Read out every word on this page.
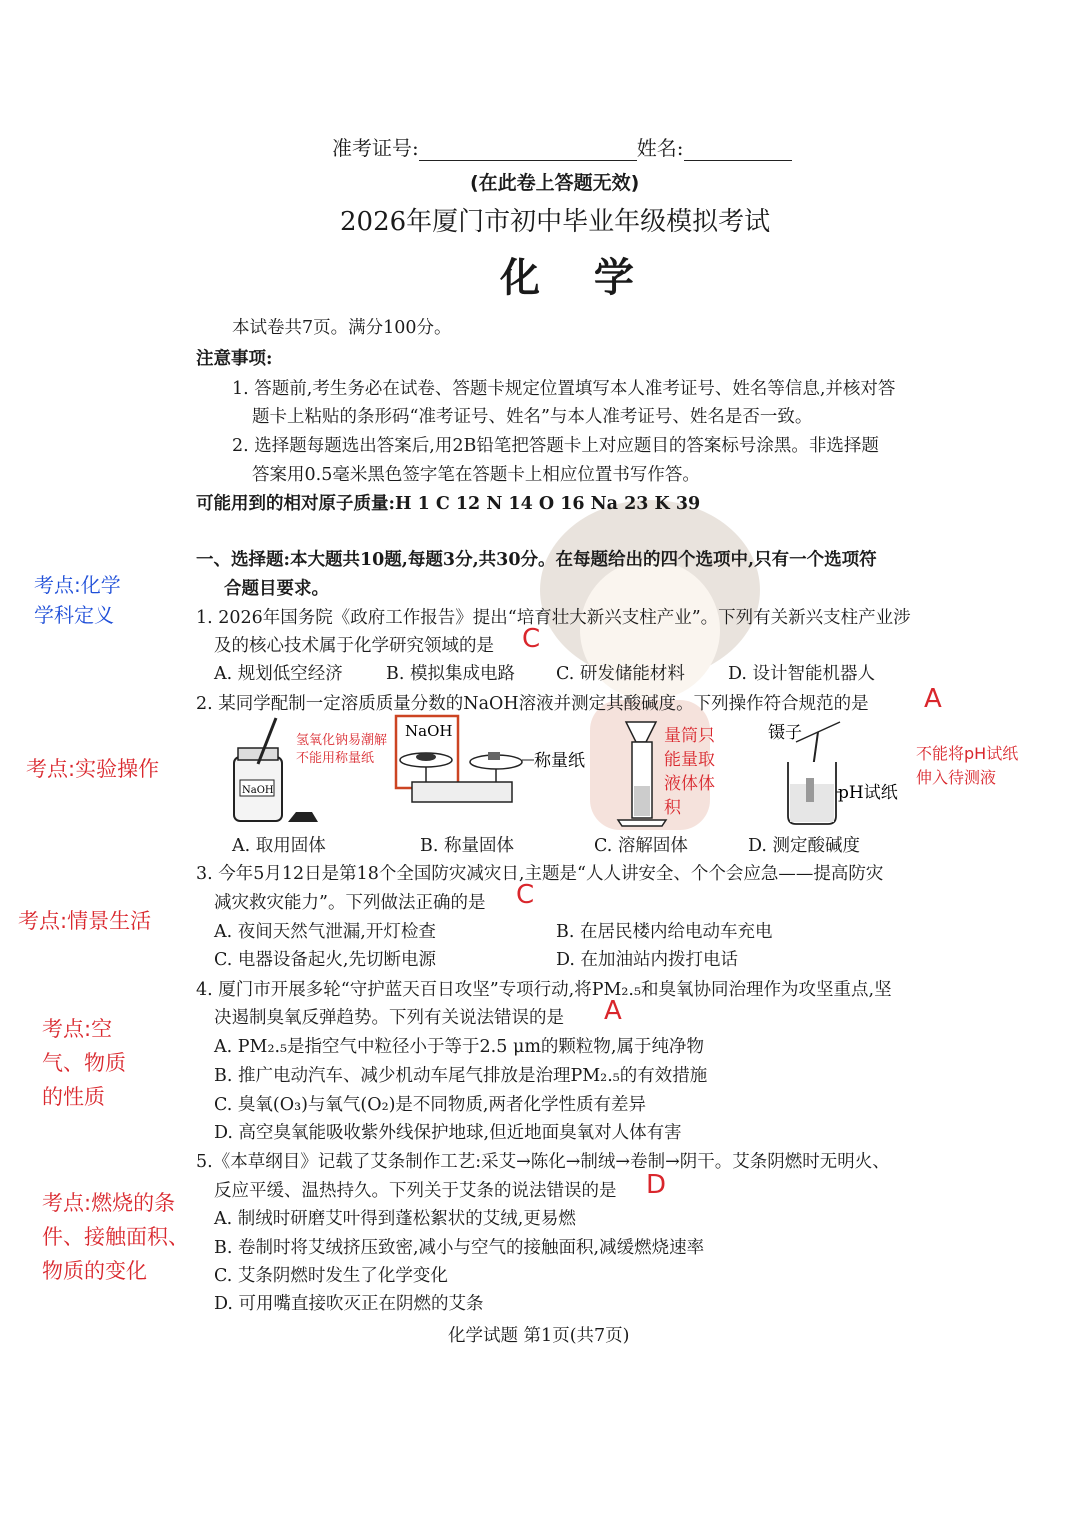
准考证号:	姓名:
(在此卷上答题无效)
2026年厦门市初中毕业年级模拟考试
化 学
本试卷共7页。满分100分。
注意事项:
1. 答题前,考生务必在试卷、答题卡规定位置填写本人准考证号、姓名等信息,并核对答
题卡上粘贴的条形码“准考证号、姓名”与本人准考证号、姓名是否一致。
2. 选择题每题选出答案后,用2B铅笔把答题卡上对应题目的答案标号涂黑。非选择题
答案用0.5毫米黑色签字笔在答题卡上相应位置书写作答。
可能用到的相对原子质量:H 1 C 12 N 14 O 16 Na 23 K 39
一、选择题:本大题共10题,每题3分,共30分。在每题给出的四个选项中,只有一个选项符
合题目要求。
1. 2026年国务院《政府工作报告》提出“培育壮大新兴支柱产业”。下列有关新兴支柱产业涉
及的核心技术属于化学研究领域的是 C
A. 规划低空经济 B. 模拟集成电路 C. 研发储能材料 D. 设计智能机器人
2. 某同学配制一定溶质质量分数的NaOH溶液并测定其酸碱度。下列操作符合规范的是 A
NaOH
NaOH
称量纸
镊子
pH试纸
氢氧化钠易潮解不能用称量纸
量筒只能量取液体体积
不能将pH试纸伸入待测液
A. 取用固体	B. 称量固体	C. 溶解固体	D. 测定酸碱度
3. 今年5月12日是第18个全国防灾减灾日,主题是“人人讲安全、个个会应急——提高防灾
减灾救灾能力”。下列做法正确的是 C
A. 夜间天然气泄漏,开灯检查	B. 在居民楼内给电动车充电
C. 电器设备起火,先切断电源	D. 在加油站内拨打电话
4. 厦门市开展多轮“守护蓝天百日攻坚”专项行动,将PM₂.₅和臭氧协同治理作为攻坚重点,坚
决遏制臭氧反弹趋势。下列有关说法错误的是 A
A. PM₂.₅是指空气中粒径小于等于2.5 μm的颗粒物,属于纯净物
B. 推广电动汽车、减少机动车尾气排放是治理PM₂.₅的有效措施
C. 臭氧(O₃)与氧气(O₂)是不同物质,两者化学性质有差异
D. 高空臭氧能吸收紫外线保护地球,但近地面臭氧对人体有害
5.《本草纲目》记载了艾条制作工艺:采艾→陈化→制绒→卷制→阴干。艾条阴燃时无明火、
反应平缓、温热持久。下列关于艾条的说法错误的是 D
A. 制绒时研磨艾叶得到蓬松絮状的艾绒,更易燃
B. 卷制时将艾绒挤压致密,减小与空气的接触面积,减缓燃烧速率
C. 艾条阴燃时发生了化学变化
D. 可用嘴直接吹灭正在阴燃的艾条
化学试题 第1页(共7页)
考点:化学学科定义
考点:实验操作
考点:情景生活
考点:空气、物质的性质
考点:燃烧的条件、接触面积、物质的变化
